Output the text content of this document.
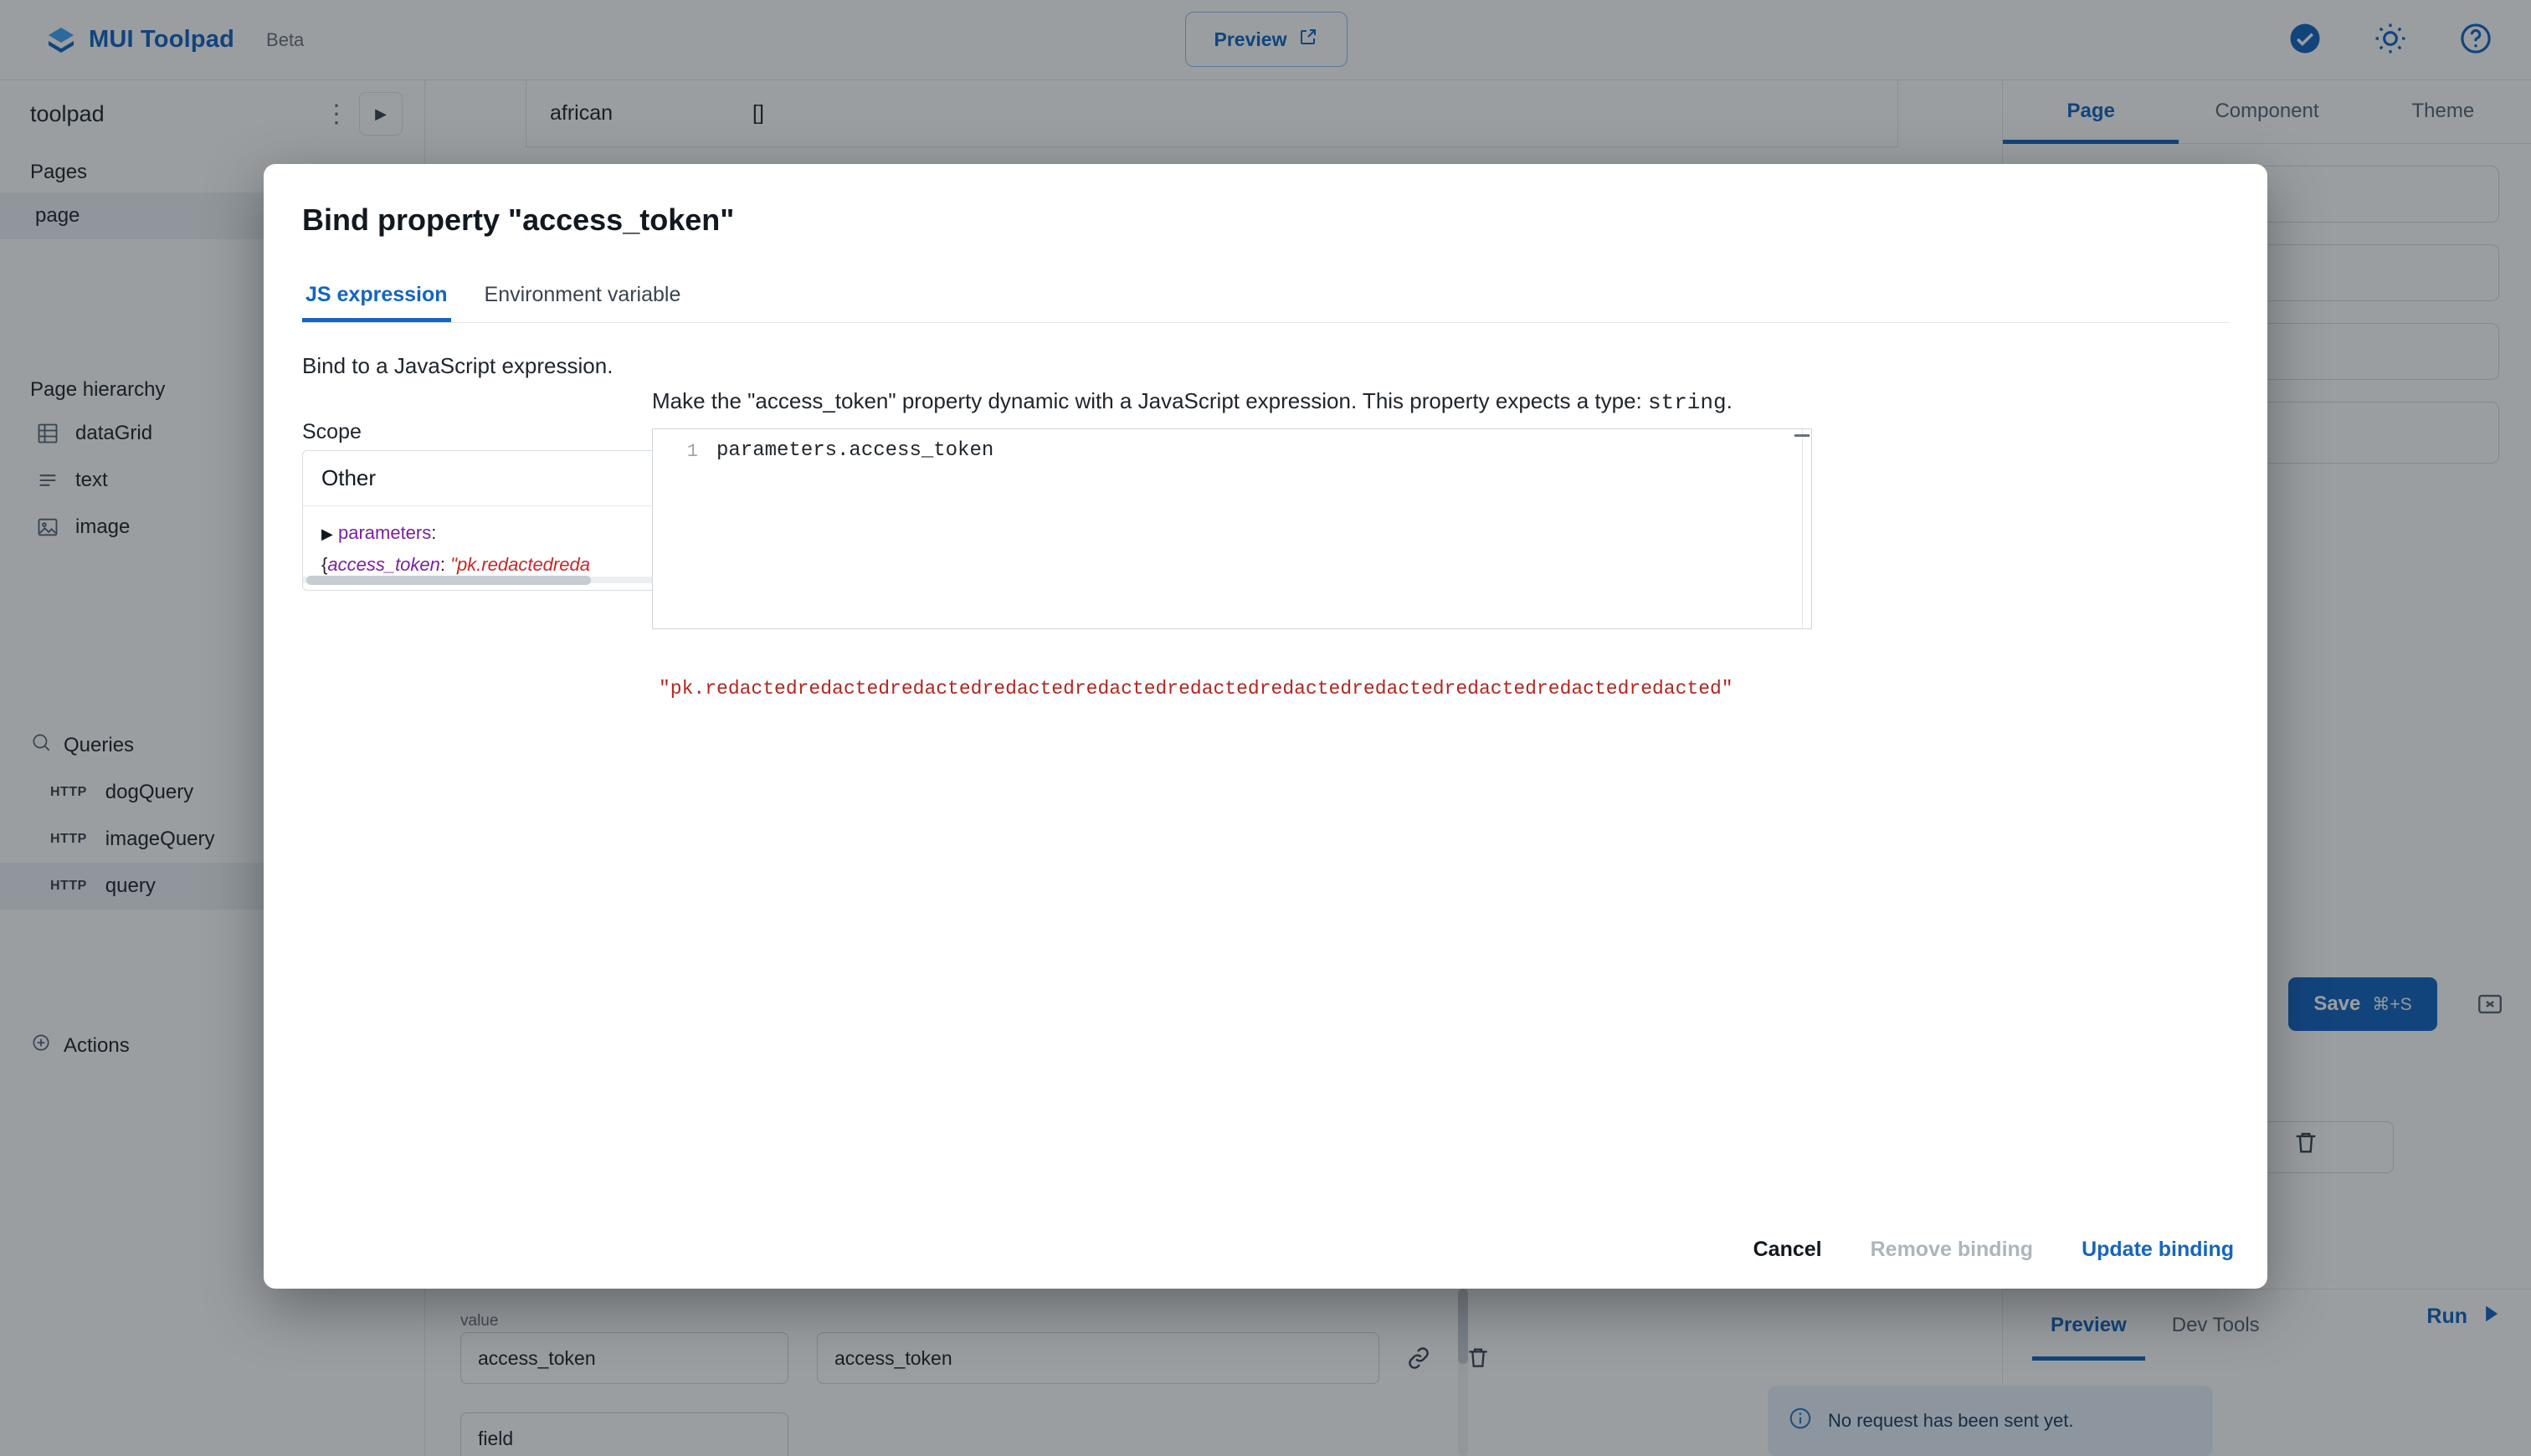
MUI Toolpad Beta	Preview
toolpad	⋮	▶
Pages
page
Page hierarchy
dataGrid
text
image
Queries
HTTP dogQuery
HTTP imageQuery
HTTP query
Actions
african	[]
value
access_token	access_token
field
Page	Component	Theme
Save ⌘+S
Preview	Dev Tools	Run
No request has been sent yet.
Bind property "access_token"
JS expression Environment variable
Bind to a JavaScript expression.
Scope
Other
▶ parameters:
{access_token: "pk.redactedreda
Make the "access_token" property dynamic with a JavaScript expression. This property expects a type: string.
1 parameters.access_token
"pk.redactedredactedredactedredactedredactedredactedredactedredactedredactedredactedredacted"
Cancel Remove binding Update binding
